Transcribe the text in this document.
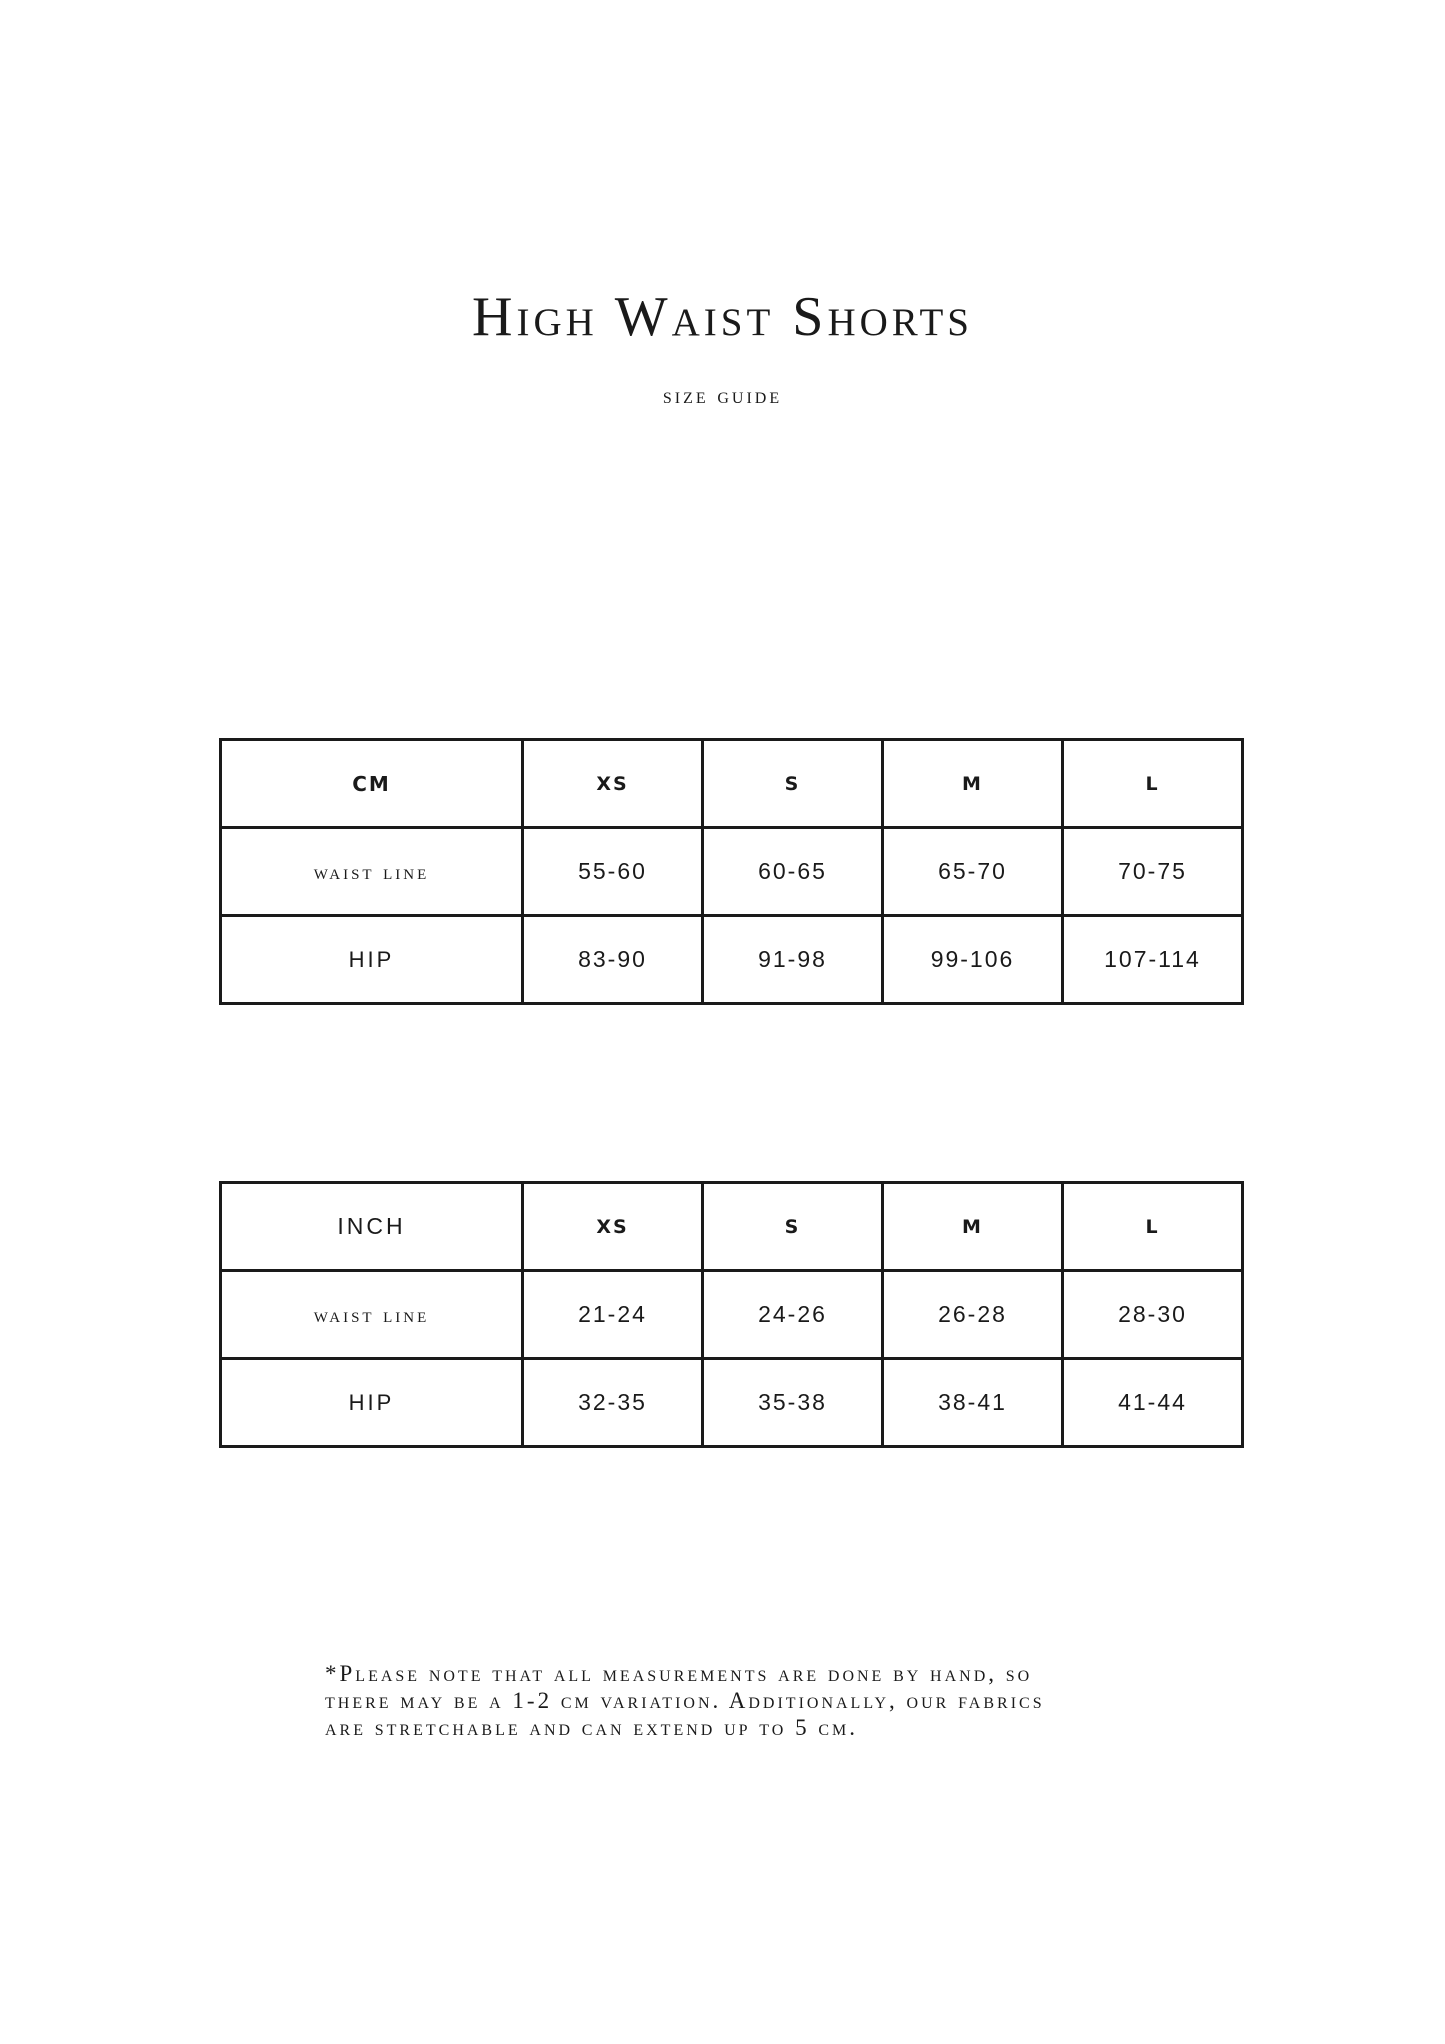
High Waist Shorts

size guide

CM	XS	S	M	L
waist line	55-60	60-65	65-70	70-75
HIP	83-90	91-98	99-106	107-114
INCH	XS	S	M	L
waist line	21-24	24-26	26-28	28-30
HIP	32-35	35-38	38-41	41-44

*Please note that all measurements are done by hand, so
there may be a 1-2 cm variation. Additionally, our fabrics
are stretchable and can extend up to 5 cm.
